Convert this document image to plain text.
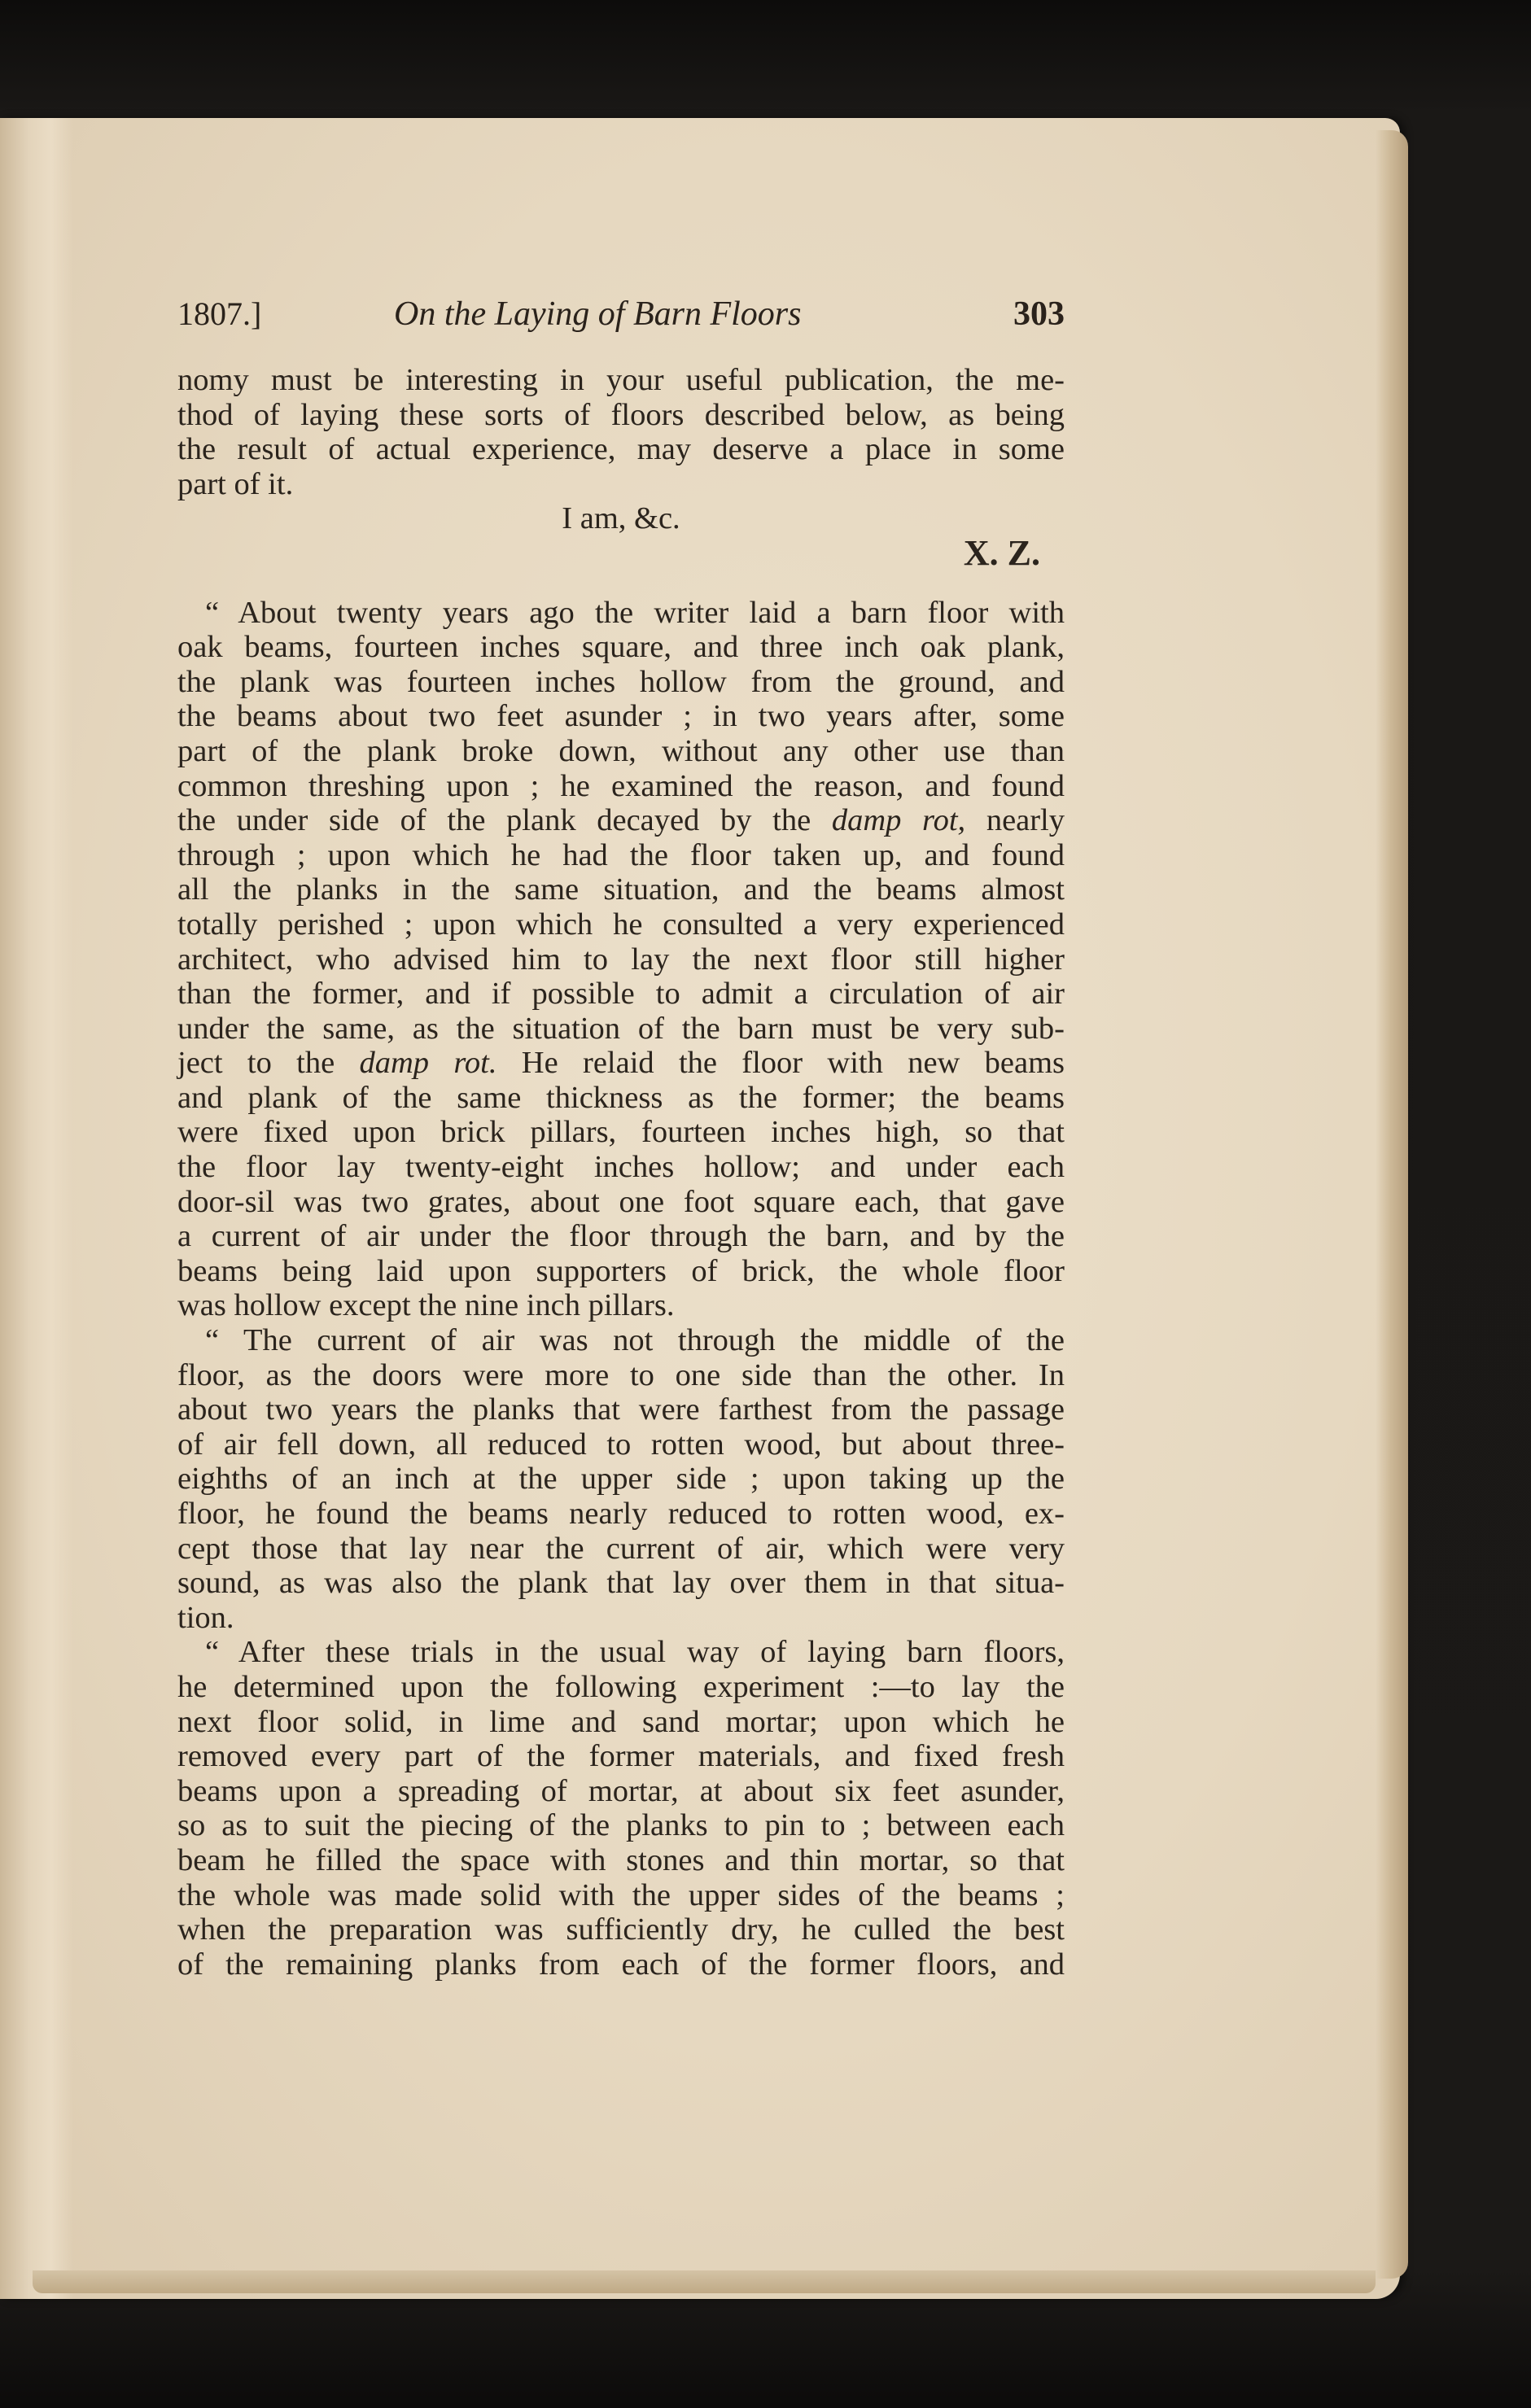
1807.]	On the Laying of Barn Floors	303
nomy must be interesting in your useful publication, the me-
thod of laying these sorts of floors described below, as being
the result of actual experience, may deserve a place in some
part of it.
I am, &c.
X. Z.
“ About twenty years ago the writer laid a barn floor with
oak beams, fourteen inches square, and three inch oak plank,
the plank was fourteen inches hollow from the ground, and
the beams about two feet asunder ; in two years after, some
part of the plank broke down, without any other use than
common threshing upon ; he examined the reason, and found
the under side of the plank decayed by the damp rot, nearly
through ; upon which he had the floor taken up, and found
all the planks in the same situation, and the beams almost
totally perished ; upon which he consulted a very experienced
architect, who advised him to lay the next floor still higher
than the former, and if possible to admit a circulation of air
under the same, as the situation of the barn must be very sub-
ject to the damp rot. He relaid the floor with new beams
and plank of the same thickness as the former; the beams
were fixed upon brick pillars, fourteen inches high, so that
the floor lay twenty-eight inches hollow; and under each
door-sil was two grates, about one foot square each, that gave
a current of air under the floor through the barn, and by the
beams being laid upon supporters of brick, the whole floor
was hollow except the nine inch pillars.
“ The current of air was not through the middle of the
floor, as the doors were more to one side than the other. In
about two years the planks that were farthest from the passage
of air fell down, all reduced to rotten wood, but about three-
eighths of an inch at the upper side ; upon taking up the
floor, he found the beams nearly reduced to rotten wood, ex-
cept those that lay near the current of air, which were very
sound, as was also the plank that lay over them in that situa-
tion.
“ After these trials in the usual way of laying barn floors,
he determined upon the following experiment :—to lay the
next floor solid, in lime and sand mortar; upon which he
removed every part of the former materials, and fixed fresh
beams upon a spreading of mortar, at about six feet asunder,
so as to suit the piecing of the planks to pin to ; between each
beam he filled the space with stones and thin mortar, so that
the whole was made solid with the upper sides of the beams ;
when the preparation was sufficiently dry, he culled the best
of the remaining planks from each of the former floors, and
